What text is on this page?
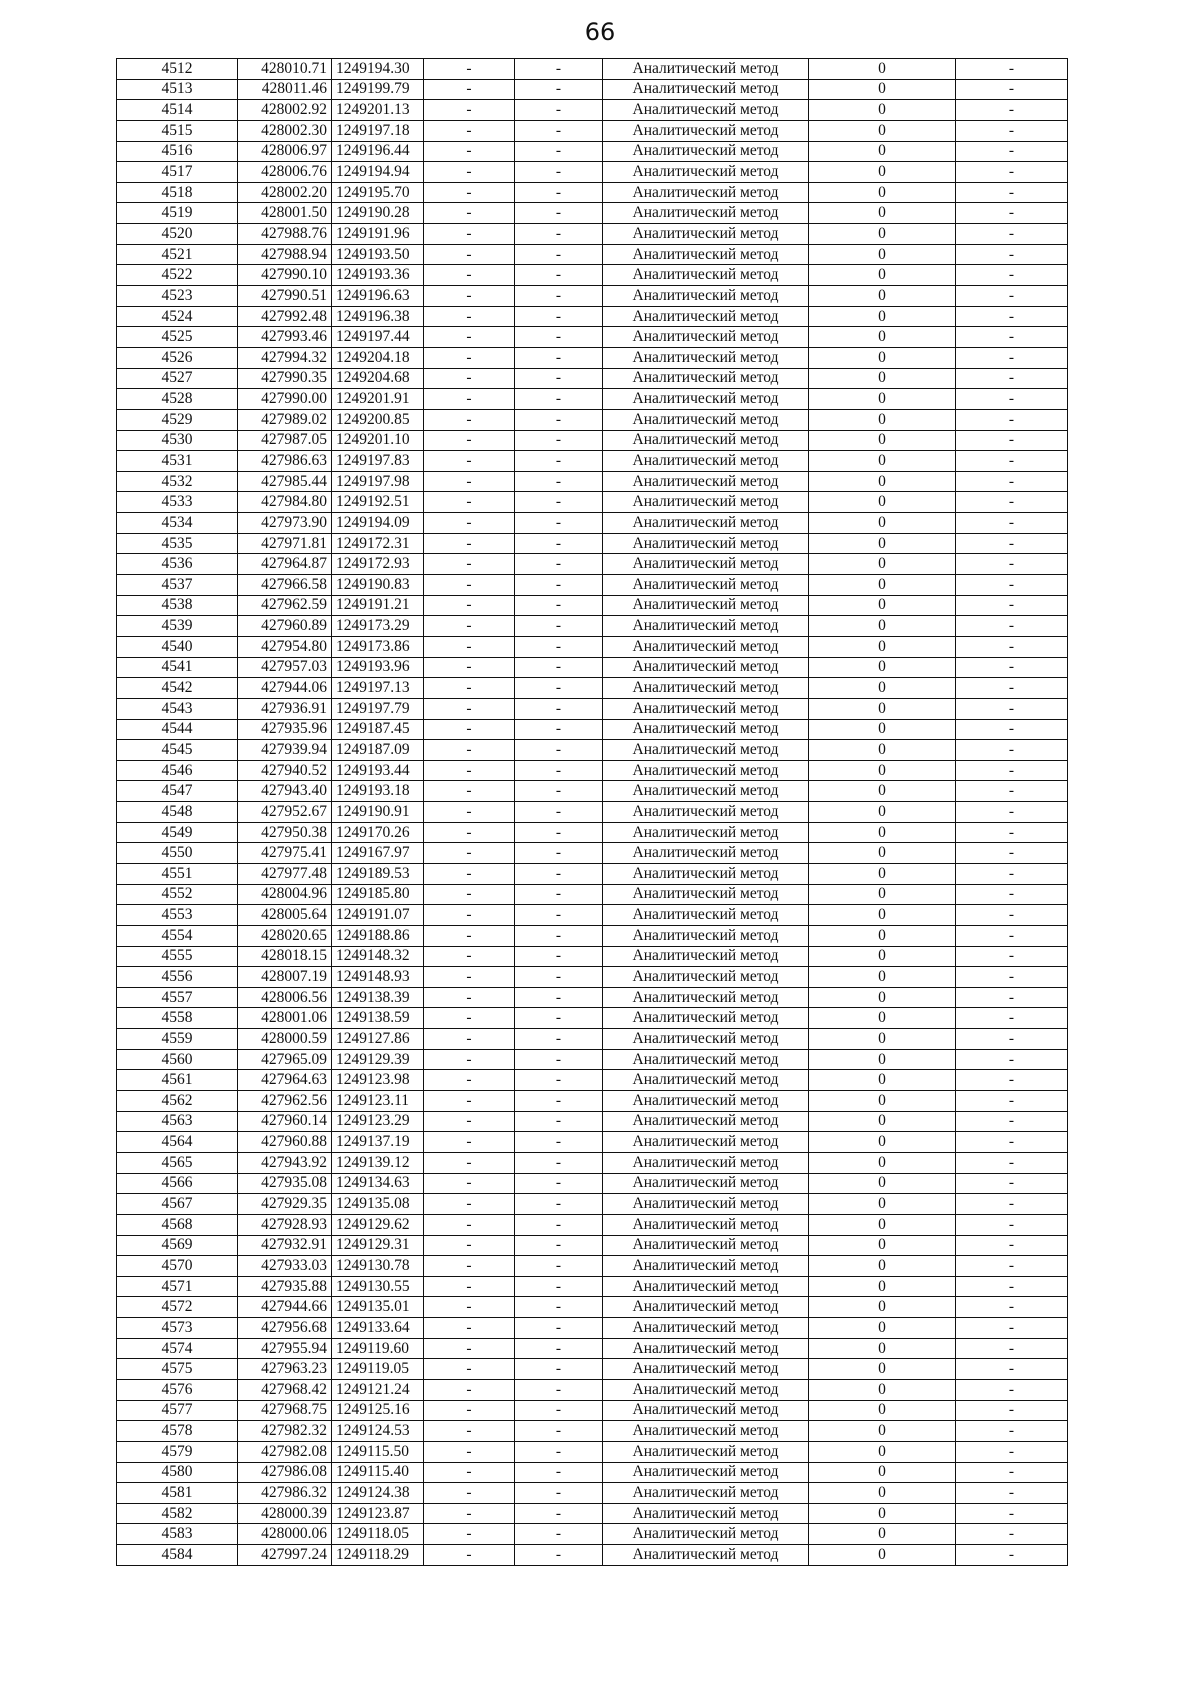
66
4512	428010.71	1249194.30	-	-	Аналитический метод	0	-
4513	428011.46	1249199.79	-	-	Аналитический метод	0	-
4514	428002.92	1249201.13	-	-	Аналитический метод	0	-
4515	428002.30	1249197.18	-	-	Аналитический метод	0	-
4516	428006.97	1249196.44	-	-	Аналитический метод	0	-
4517	428006.76	1249194.94	-	-	Аналитический метод	0	-
4518	428002.20	1249195.70	-	-	Аналитический метод	0	-
4519	428001.50	1249190.28	-	-	Аналитический метод	0	-
4520	427988.76	1249191.96	-	-	Аналитический метод	0	-
4521	427988.94	1249193.50	-	-	Аналитический метод	0	-
4522	427990.10	1249193.36	-	-	Аналитический метод	0	-
4523	427990.51	1249196.63	-	-	Аналитический метод	0	-
4524	427992.48	1249196.38	-	-	Аналитический метод	0	-
4525	427993.46	1249197.44	-	-	Аналитический метод	0	-
4526	427994.32	1249204.18	-	-	Аналитический метод	0	-
4527	427990.35	1249204.68	-	-	Аналитический метод	0	-
4528	427990.00	1249201.91	-	-	Аналитический метод	0	-
4529	427989.02	1249200.85	-	-	Аналитический метод	0	-
4530	427987.05	1249201.10	-	-	Аналитический метод	0	-
4531	427986.63	1249197.83	-	-	Аналитический метод	0	-
4532	427985.44	1249197.98	-	-	Аналитический метод	0	-
4533	427984.80	1249192.51	-	-	Аналитический метод	0	-
4534	427973.90	1249194.09	-	-	Аналитический метод	0	-
4535	427971.81	1249172.31	-	-	Аналитический метод	0	-
4536	427964.87	1249172.93	-	-	Аналитический метод	0	-
4537	427966.58	1249190.83	-	-	Аналитический метод	0	-
4538	427962.59	1249191.21	-	-	Аналитический метод	0	-
4539	427960.89	1249173.29	-	-	Аналитический метод	0	-
4540	427954.80	1249173.86	-	-	Аналитический метод	0	-
4541	427957.03	1249193.96	-	-	Аналитический метод	0	-
4542	427944.06	1249197.13	-	-	Аналитический метод	0	-
4543	427936.91	1249197.79	-	-	Аналитический метод	0	-
4544	427935.96	1249187.45	-	-	Аналитический метод	0	-
4545	427939.94	1249187.09	-	-	Аналитический метод	0	-
4546	427940.52	1249193.44	-	-	Аналитический метод	0	-
4547	427943.40	1249193.18	-	-	Аналитический метод	0	-
4548	427952.67	1249190.91	-	-	Аналитический метод	0	-
4549	427950.38	1249170.26	-	-	Аналитический метод	0	-
4550	427975.41	1249167.97	-	-	Аналитический метод	0	-
4551	427977.48	1249189.53	-	-	Аналитический метод	0	-
4552	428004.96	1249185.80	-	-	Аналитический метод	0	-
4553	428005.64	1249191.07	-	-	Аналитический метод	0	-
4554	428020.65	1249188.86	-	-	Аналитический метод	0	-
4555	428018.15	1249148.32	-	-	Аналитический метод	0	-
4556	428007.19	1249148.93	-	-	Аналитический метод	0	-
4557	428006.56	1249138.39	-	-	Аналитический метод	0	-
4558	428001.06	1249138.59	-	-	Аналитический метод	0	-
4559	428000.59	1249127.86	-	-	Аналитический метод	0	-
4560	427965.09	1249129.39	-	-	Аналитический метод	0	-
4561	427964.63	1249123.98	-	-	Аналитический метод	0	-
4562	427962.56	1249123.11	-	-	Аналитический метод	0	-
4563	427960.14	1249123.29	-	-	Аналитический метод	0	-
4564	427960.88	1249137.19	-	-	Аналитический метод	0	-
4565	427943.92	1249139.12	-	-	Аналитический метод	0	-
4566	427935.08	1249134.63	-	-	Аналитический метод	0	-
4567	427929.35	1249135.08	-	-	Аналитический метод	0	-
4568	427928.93	1249129.62	-	-	Аналитический метод	0	-
4569	427932.91	1249129.31	-	-	Аналитический метод	0	-
4570	427933.03	1249130.78	-	-	Аналитический метод	0	-
4571	427935.88	1249130.55	-	-	Аналитический метод	0	-
4572	427944.66	1249135.01	-	-	Аналитический метод	0	-
4573	427956.68	1249133.64	-	-	Аналитический метод	0	-
4574	427955.94	1249119.60	-	-	Аналитический метод	0	-
4575	427963.23	1249119.05	-	-	Аналитический метод	0	-
4576	427968.42	1249121.24	-	-	Аналитический метод	0	-
4577	427968.75	1249125.16	-	-	Аналитический метод	0	-
4578	427982.32	1249124.53	-	-	Аналитический метод	0	-
4579	427982.08	1249115.50	-	-	Аналитический метод	0	-
4580	427986.08	1249115.40	-	-	Аналитический метод	0	-
4581	427986.32	1249124.38	-	-	Аналитический метод	0	-
4582	428000.39	1249123.87	-	-	Аналитический метод	0	-
4583	428000.06	1249118.05	-	-	Аналитический метод	0	-
4584	427997.24	1249118.29	-	-	Аналитический метод	0	-
